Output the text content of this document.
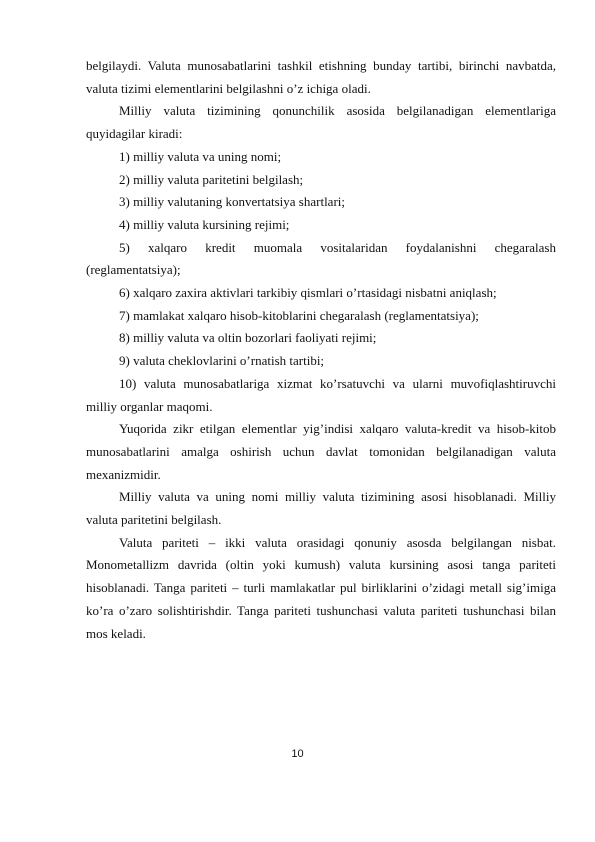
belgilaydi. Valuta munosabatlarini tashkil etishning bunday tartibi, birinchi navbatda, valuta tizimi elementlarini belgilashni o’z ichiga oladi.

Milliy valuta tizimining qonunchilik asosida belgilanadigan elementlariga quyidagilar kiradi:

1) milliy valuta va uning nomi;

2) milliy valuta paritetini belgilash;

3) milliy valutaning konvertatsiya shartlari;

4) milliy valuta kursining rejimi;

5) xalqaro kredit muomala vositalaridan foydalanishni chegaralash (reglamentatsiya);

6) xalqaro zaxira aktivlari tarkibiy qismlari o’rtasidagi nisbatni aniqlash;

7) mamlakat xalqaro hisob-kitoblarini chegaralash (reglamentatsiya);

8) milliy valuta va oltin bozorlari faoliyati rejimi;

9) valuta cheklovlarini o’rnatish tartibi;

10) valuta munosabatlariga xizmat ko’rsatuvchi va ularni muvofiqlashtiruvchi milliy organlar maqomi.

Yuqorida zikr etilgan elementlar yig’indisi xalqaro valuta-kredit va hisob-kitob munosabatlarini amalga oshirish uchun davlat tomonidan belgilanadigan valuta mexanizmidir.

Milliy valuta va uning nomi milliy valuta tizimining asosi hisoblanadi. Milliy valuta paritetini belgilash.

Valuta pariteti – ikki valuta orasidagi qonuniy asosda belgilangan nisbat. Monometallizm davrida (oltin yoki kumush) valuta kursining asosi tanga pariteti hisoblanadi. Tanga pariteti – turli mamlakatlar pul birliklarini o’zidagi metall sig’imiga ko’ra o’zaro solishtirishdir. Tanga pariteti tushunchasi valuta pariteti tushunchasi bilan mos keladi.

10
